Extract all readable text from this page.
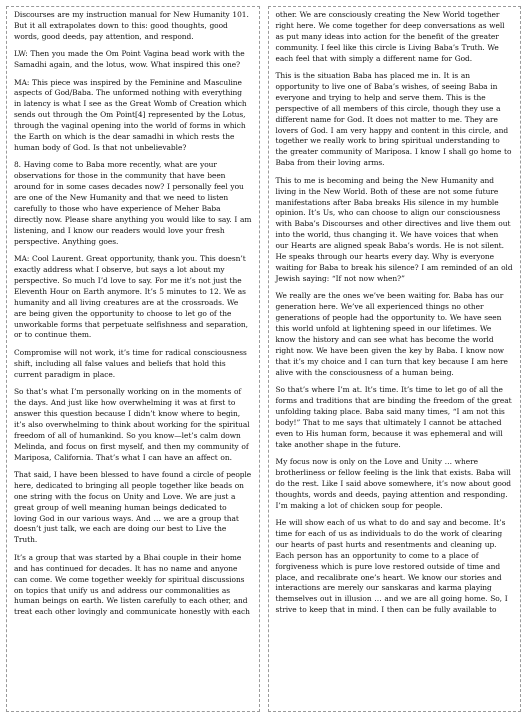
Discourses are my instruction manual for New Humanity 101. But it all extrapolates down to this: good thoughts, good words, good deeds, pay attention, and respond.

LW: Then you made the Om Point Vagina bead work with the Samadhi again, and the lotus, wow. What inspired this one?

MA: This piece was inspired by the Feminine and Masculine aspects of God/Baba. The unformed nothing with everything in latency is what I see as the Great Womb of Creation which sends out through the Om Point[4] represented by the Lotus, through the vaginal opening into the world of forms in which the Earth on which is the dear samadhi in which rests the human body of God. Is that not unbelievable?

8. Having come to Baba more recently, what are your observations for those in the community that have been around for in some cases decades now? I personally feel you are one of the New Humanity and that we need to listen carefully to those who have experience of Meher Baba directly now. Please share anything you would like to say. I am listening, and I know our readers would love your fresh perspective. Anything goes.

MA: Cool Laurent. Great opportunity, thank you. This doesn’t exactly address what I observe, but says a lot about my perspective. So much I’d love to say. For me it’s not just the Eleventh Hour on Earth anymore. It’s 5 minutes to 12. We as humanity and all living creatures are at the crossroads. We are being given the opportunity to choose to let go of the unworkable forms that perpetuate selfishness and separation, or to continue them.

Compromise will not work, it’s time for radical consciousness shift, including all false values and beliefs that hold this current paradigm in place.

So that’s what I’m personally working on in the moments of the days. And just like how overwhelming it was at first to answer this question because I didn’t know where to begin, it’s also overwhelming to think about working for the spiritual freedom of all of humankind. So you know—let’s calm down Melinda, and focus on first myself, and then my community of Mariposa, California. That’s what I can have an affect on.

That said, I have been blessed to have found a circle of people here, dedicated to bringing all people together like beads on one string with the focus on Unity and Love. We are just a great group of well meaning human beings dedicated to loving God in our various ways. And … we are a group that doesn’t just talk, we each are doing our best to Live the Truth.

It’s a group that was started by a Bhai couple in their home and has continued for decades. It has no name and anyone can come. We come together weekly for spiritual discussions on topics that unify us and address our commonalities as human beings on earth. We listen carefully to each other, and treat each other lovingly and communicate honestly with each

other. We are consciously creating the New World together right here. We come together for deep conversations as well as put many ideas into action for the benefit of the greater community. I feel like this circle is Living Baba’s Truth. We each feel that with simply a different name for God.

This is the situation Baba has placed me in. It is an opportunity to live one of Baba’s wishes, of seeing Baba in everyone and trying to help and serve them. This is the perspective of all members of this circle, though they use a different name for God. It does not matter to me. They are lovers of God. I am very happy and content in this circle, and together we really work to bring spiritual understanding to the greater community of Mariposa. I know I shall go home to Baba from their loving arms.

This to me is becoming and being the New Humanity and living in the New World. Both of these are not some future manifestations after Baba breaks His silence in my humble opinion. It’s Us, who can choose to align our consciousness with Baba’s Discourses and other directives and live them out into the world, thus changing it. We have voices that when our Hearts are aligned speak Baba’s words. He is not silent. He speaks through our hearts every day. Why is everyone waiting for Baba to break his silence? I am reminded of an old Jewish saying: “If not now when?”

We really are the ones we’ve been waiting for. Baba has our generation here. We’ve all experienced things no other generations of people had the opportunity to. We have seen this world unfold at lightening speed in our lifetimes. We know the history and can see what has become the world right now. We have been given the key by Baba. I know now that it’s my choice and I can turn that key because I am here alive with the consciousness of a human being.

So that’s where I’m at. It’s time. It’s time to let go of all the forms and traditions that are binding the freedom of the great unfolding taking place. Baba said many times, “I am not this body!” That to me says that ultimately I cannot be attached even to His human form, because it was ephemeral and will take another shape in the future.

My focus now is only on the Love and Unity … where brotherliness or fellow feeling is the link that exists. Baba will do the rest. Like I said above somewhere, it’s now about good thoughts, words and deeds, paying attention and responding. I’m making a lot of chicken soup for people.

He will show each of us what to do and say and become. It’s time for each of us as individuals to do the work of clearing our hearts of past hurts and resentments and cleaning up. Each person has an opportunity to come to a place of forgiveness which is pure love restored outside of time and place, and recalibrate one’s heart. We know our stories and interactions are merely our sanskaras and karma playing themselves out in illusion … and we are all going home. So, I strive to keep that in mind. I then can be fully available to
